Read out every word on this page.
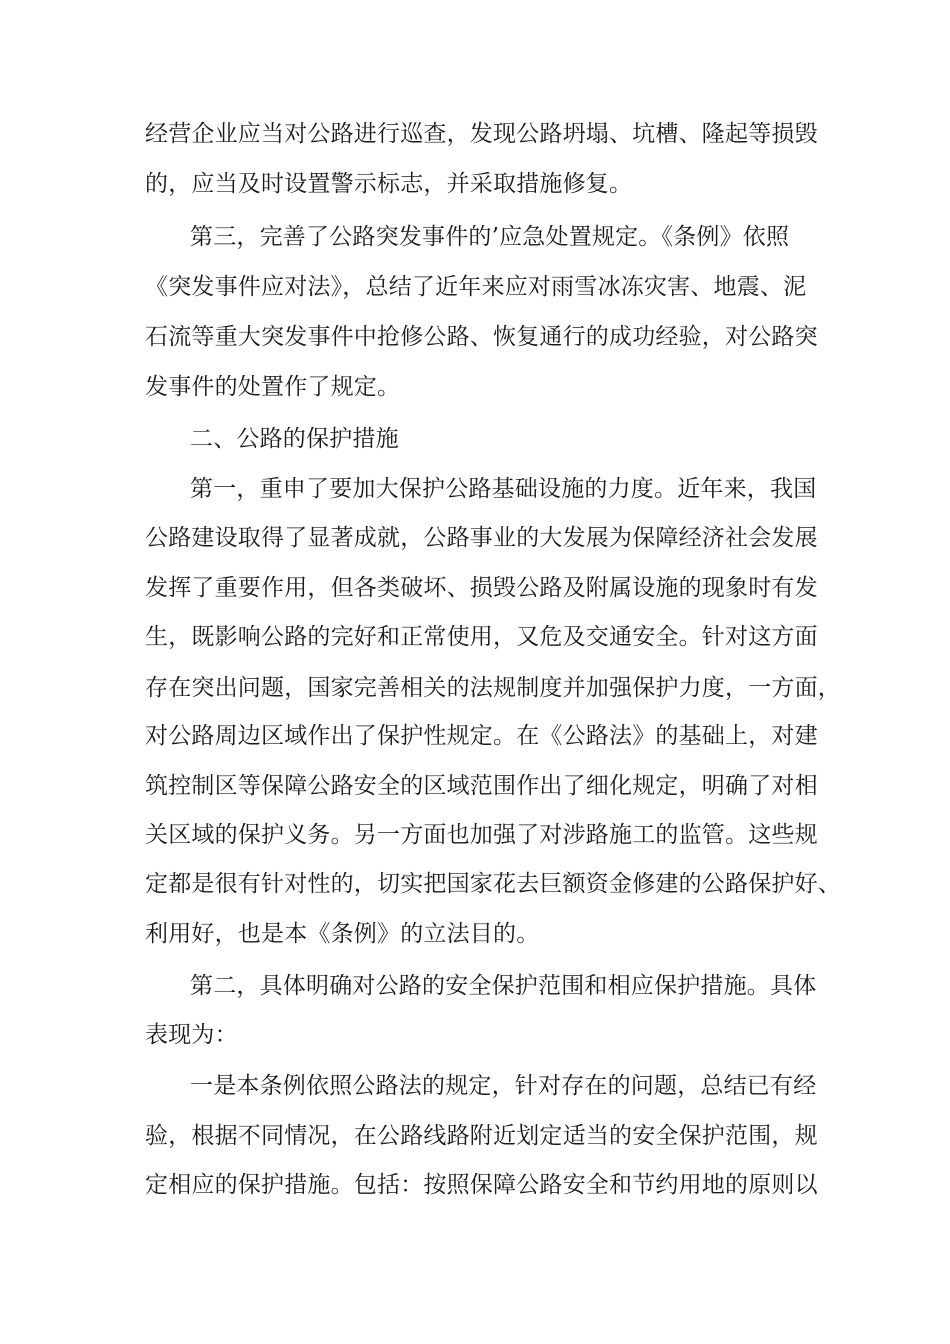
经营企业应当对公路进行巡查，发现公路坍塌、坑槽、隆起等损毁
的，应当及时设置警示标志，并采取措施修复。
第三，完善了公路突发事件的’应急处置规定。《条例》依照
《突发事件应对法》，总结了近年来应对雨雪冰冻灾害、地震、泥
石流等重大突发事件中抢修公路、恢复通行的成功经验，对公路突
发事件的处置作了规定。
二、公路的保护措施
第一，重申了要加大保护公路基础设施的力度。近年来，我国
公路建设取得了显著成就，公路事业的大发展为保障经济社会发展
发挥了重要作用，但各类破坏、损毁公路及附属设施的现象时有发
生，既影响公路的完好和正常使用，又危及交通安全。针对这方面
存在突出问题，国家完善相关的法规制度并加强保护力度，一方面，
对公路周边区域作出了保护性规定。在《公路法》的基础上，对建
筑控制区等保障公路安全的区域范围作出了细化规定，明确了对相
关区域的保护义务。另一方面也加强了对涉路施工的监管。这些规
定都是很有针对性的，切实把国家花去巨额资金修建的公路保护好、
利用好，也是本《条例》的立法目的。
第二，具体明确对公路的安全保护范围和相应保护措施。具体
表现为：
一是本条例依照公路法的规定，针对存在的问题，总结已有经
验，根据不同情况，在公路线路附近划定适当的安全保护范围，规
定相应的保护措施。包括：按照保障公路安全和节约用地的原则以
